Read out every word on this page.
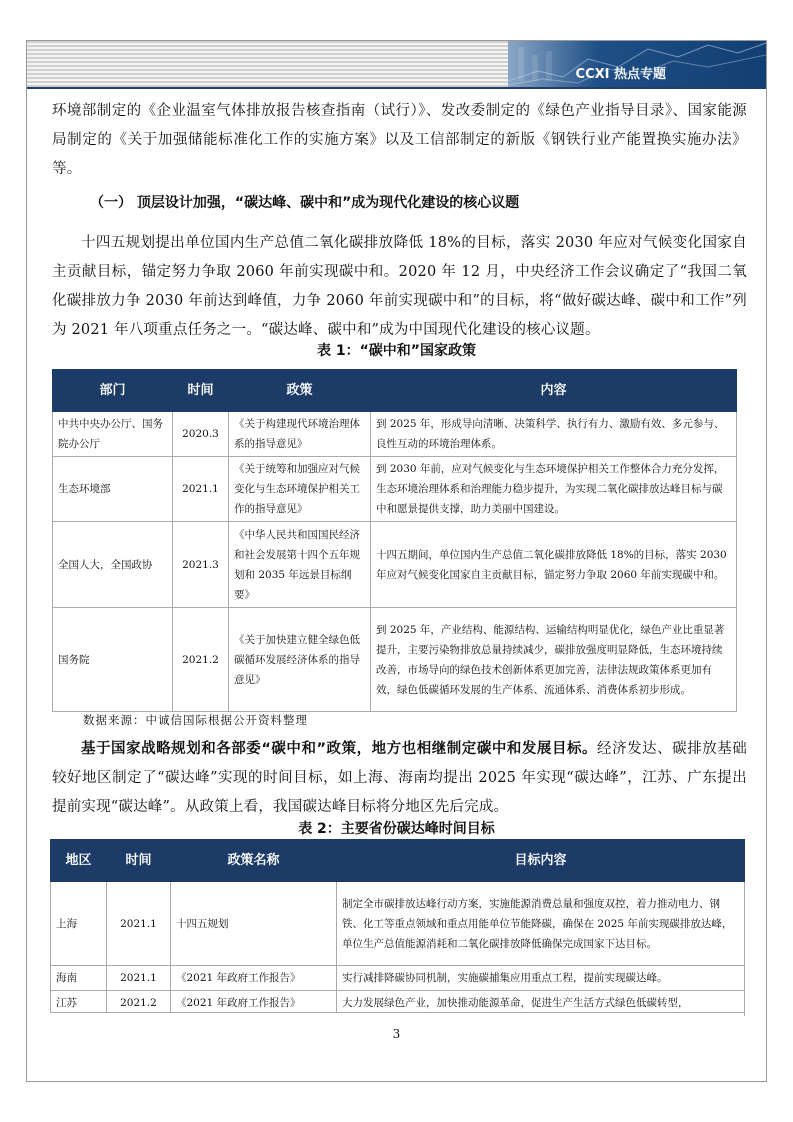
CCXI 热点专题

环境部制定的《企业温室气体排放报告核查指南（试行）》、发改委制定的《绿色产业指导目录》、国家能源局制定的《关于加强储能标准化工作的实施方案》以及工信部制定的新版《钢铁行业产能置换实施办法》等。

（一） 顶层设计加强，“碳达峰、碳中和”成为现代化建设的核心议题

十四五规划提出单位国内生产总值二氧化碳排放降低 18%的目标，落实 2030 年应对气候变化国家自主贡献目标，锚定努力争取 2060 年前实现碳中和。2020 年 12 月，中央经济工作会议确定了“我国二氧化碳排放力争 2030 年前达到峰值，力争 2060 年前实现碳中和”的目标，将“做好碳达峰、碳中和工作”列为 2021 年八项重点任务之一。“碳达峰、碳中和”成为中国现代化建设的核心议题。

表 1：“碳中和”国家政策
部门	时间	政策	内容
中共中央办公厅、国务院办公厅	2020.3	《关于构建现代环境治理体系的指导意见》	到 2025 年，形成导向清晰、决策科学、执行有力、激励有效、多元参与、良性互动的环境治理体系。
生态环境部	2021.1	《关于统筹和加强应对气候变化与生态环境保护相关工作的指导意见》	到 2030 年前，应对气候变化与生态环境保护相关工作整体合力充分发挥，生态环境治理体系和治理能力稳步提升，为实现二氧化碳排放达峰目标与碳中和愿景提供支撑，助力美丽中国建设。
全国人大，全国政协	2021.3	《中华人民共和国国民经济和社会发展第十四个五年规划和 2035 年远景目标纲要》	十四五期间，单位国内生产总值二氧化碳排放降低 18%的目标，落实 2030 年应对气候变化国家自主贡献目标，锚定努力争取 2060 年前实现碳中和。
国务院	2021.2	《关于加快建立健全绿色低碳循环发展经济体系的指导意见》	到 2025 年，产业结构、能源结构、运输结构明显优化，绿色产业比重显著提升，主要污染物排放总量持续减少，碳排放强度明显降低，生态环境持续改善，市场导向的绿色技术创新体系更加完善，法律法规政策体系更加有效，绿色低碳循环发展的生产体系、流通体系、消费体系初步形成。
数据来源：中诚信国际根据公开资料整理

基于国家战略规划和各部委“碳中和”政策，地方也相继制定碳中和发展目标。经济发达、碳排放基础较好地区制定了“碳达峰”实现的时间目标，如上海、海南均提出 2025 年实现“碳达峰”，江苏、广东提出提前实现“碳达峰”。从政策上看，我国碳达峰目标将分地区先后完成。

表 2：主要省份碳达峰时间目标
地区	时间	政策名称	目标内容
上海	2021.1	十四五规划	制定全市碳排放达峰行动方案，实施能源消费总量和强度双控，着力推动电力、钢铁、化工等重点领域和重点用能单位节能降碳，确保在 2025 年前实现碳排放达峰，单位生产总值能源消耗和二氧化碳排放降低确保完成国家下达目标。
海南	2021.1	《2021 年政府工作报告》	实行减排降碳协同机制，实施碳捕集应用重点工程，提前实现碳达峰。
江苏	2021.2	《2021 年政府工作报告》	大力发展绿色产业，加快推动能源革命，促进生产生活方式绿色低碳转型，
3
